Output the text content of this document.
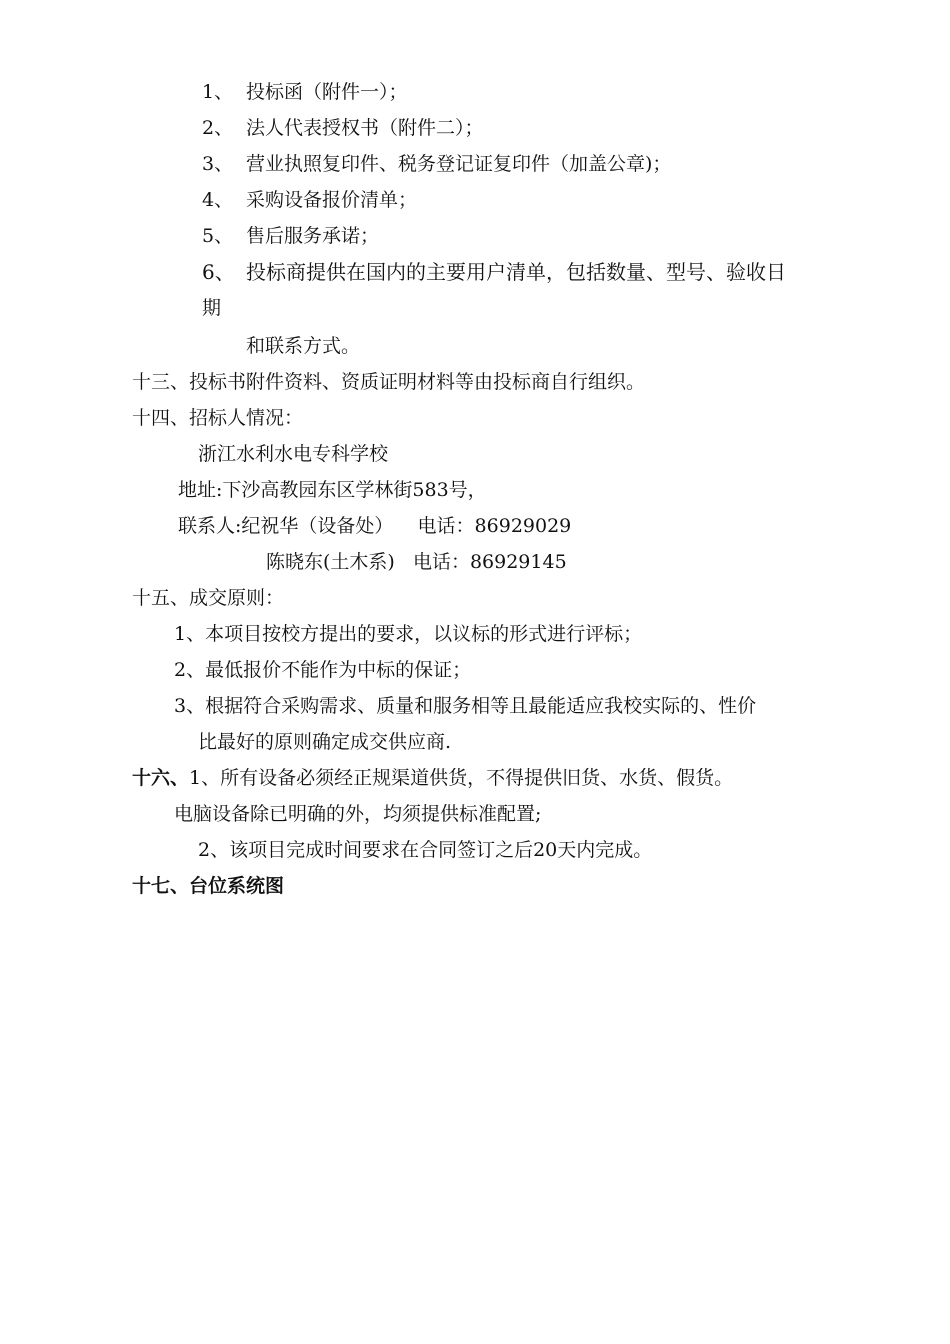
1、 投标函（附件一）；
2、 法人代表授权书（附件二）；
3、 营业执照复印件、税务登记证复印件（加盖公章)；
4、 采购设备报价清单；
5、 售后服务承诺；
6、 投标商提供在国内的主要用户清单，包括数量、型号、验收日
期
和联系方式。
十三、投标书附件资料、资质证明材料等由投标商自行组织。
十四、招标人情况：
浙江水利水电专科学校
地址:下沙高教园东区学林街583号，
联系人:纪祝华（设备处）    电话：86929029
陈晓东(土木系)   电话：86929145
十五、成交原则：
1、本项目按校方提出的要求，以议标的形式进行评标；
2、最低报价不能作为中标的保证；
3、根据符合采购需求、质量和服务相等且最能适应我校实际的、性价
比最好的原则确定成交供应商.
十六、1、所有设备必须经正规渠道供货，不得提供旧货、水货、假货。
电脑设备除已明确的外，均须提供标准配置;
2、该项目完成时间要求在合同签订之后20天内完成。
十七、台位系统图
